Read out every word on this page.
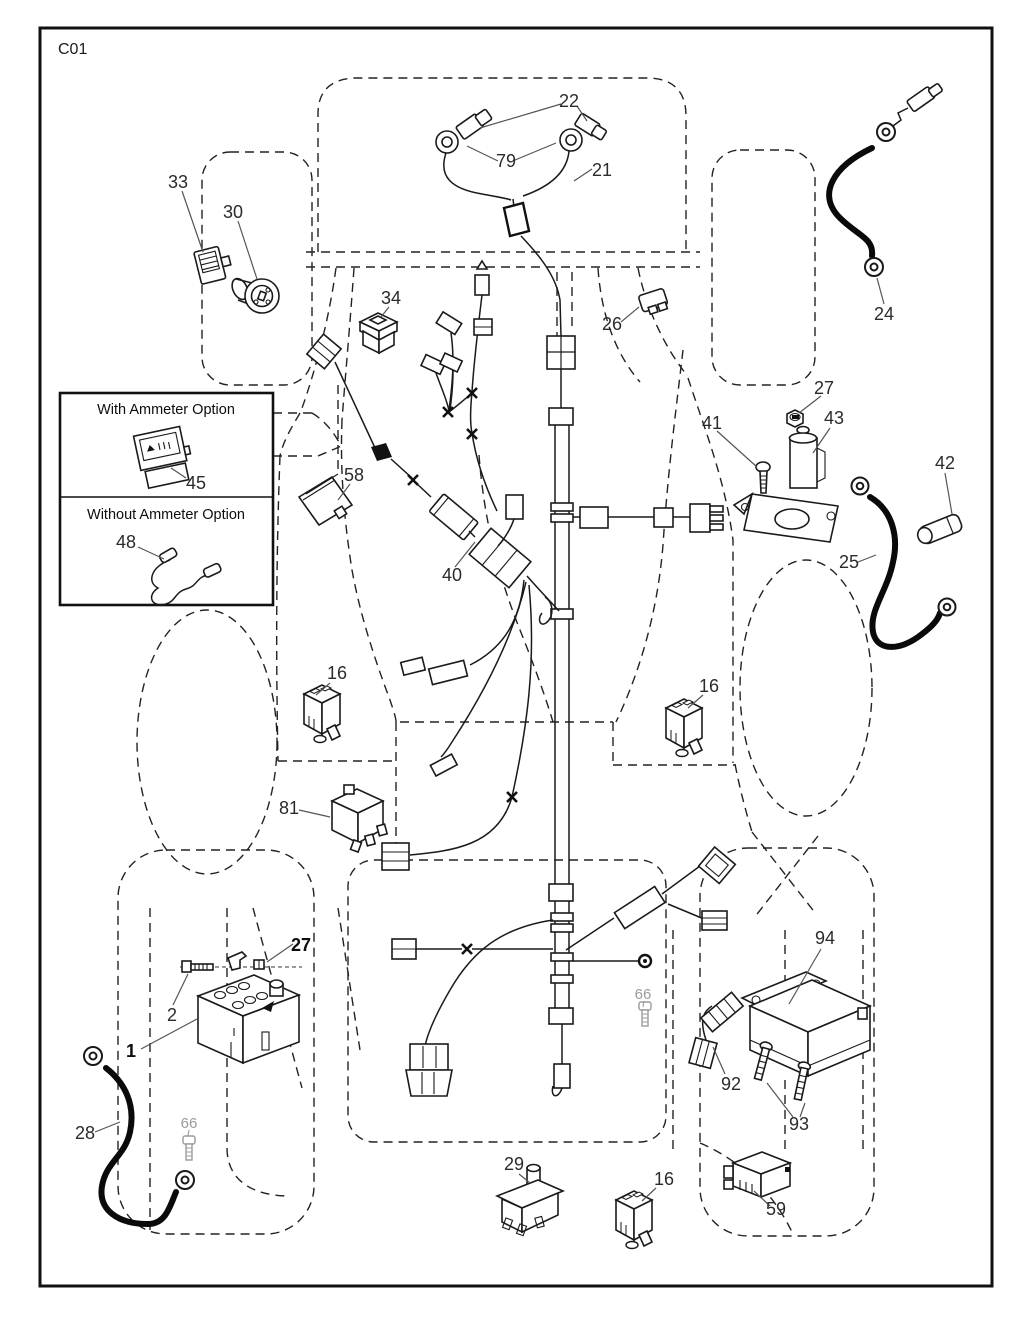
C01
With Ammeter Option
Without Ammeter Option
22
79	21
33
30
24
34
26
27
41	43
42
25
45
48
58
40
16
16
16
81
27
2
1
28	66
66
29
59
92
93
94
